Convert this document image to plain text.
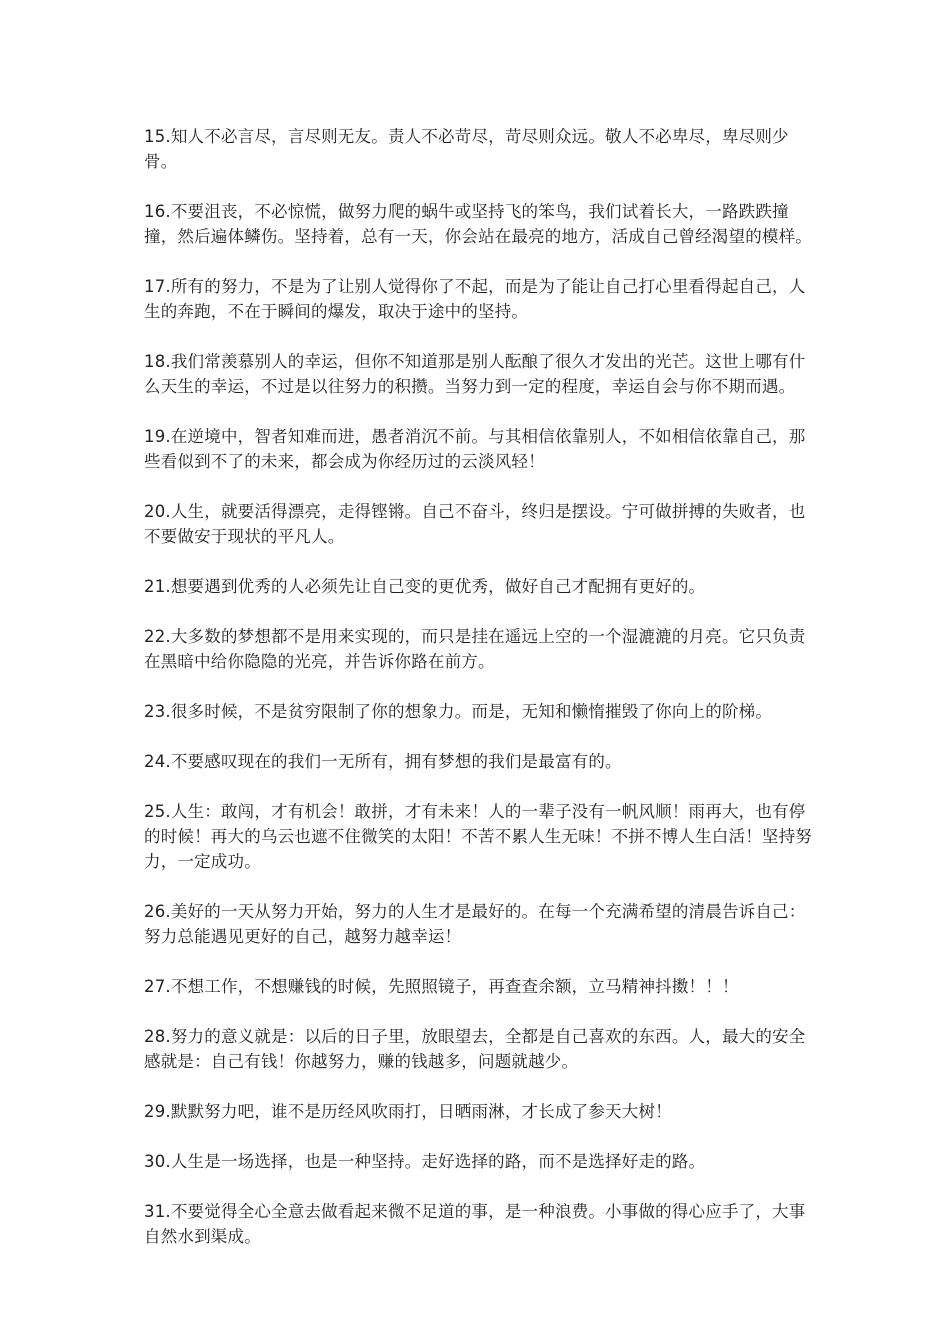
15.知人不必言尽，言尽则无友。责人不必苛尽，苛尽则众远。敬人不必卑尽，卑尽则少骨。

16.不要沮丧，不必惊慌，做努力爬的蜗牛或坚持飞的笨鸟，我们试着长大，一路跌跌撞撞，然后遍体鳞伤。坚持着，总有一天，你会站在最亮的地方，活成自己曾经渴望的模样。

17.所有的努力，不是为了让别人觉得你了不起，而是为了能让自己打心里看得起自己，人生的奔跑，不在于瞬间的爆发，取决于途中的坚持。

18.我们常羡慕别人的幸运，但你不知道那是别人酝酿了很久才发出的光芒。这世上哪有什么天生的幸运，不过是以往努力的积攒。当努力到一定的程度，幸运自会与你不期而遇。

19.在逆境中，智者知难而进，愚者消沉不前。与其相信依靠别人，不如相信依靠自己，那些看似到不了的未来，都会成为你经历过的云淡风轻！

20.人生，就要活得漂亮，走得铿锵。自己不奋斗，终归是摆设。宁可做拼搏的失败者，也不要做安于现状的平凡人。

21.想要遇到优秀的人必须先让自己变的更优秀，做好自己才配拥有更好的。

22.大多数的梦想都不是用来实现的，而只是挂在遥远上空的一个湿漉漉的月亮。它只负责在黑暗中给你隐隐的光亮，并告诉你路在前方。

23.很多时候，不是贫穷限制了你的想象力。而是，无知和懒惰摧毁了你向上的阶梯。

24.不要感叹现在的我们一无所有，拥有梦想的我们是最富有的。

25.人生：敢闯，才有机会！敢拼，才有未来！人的一辈子没有一帆风顺！雨再大，也有停的时候！再大的乌云也遮不住微笑的太阳！不苦不累人生无味！不拼不博人生白活！坚持努力，一定成功。

26.美好的一天从努力开始，努力的人生才是最好的。在每一个充满希望的清晨告诉自己：努力总能遇见更好的自己，越努力越幸运！

27.不想工作，不想赚钱的时候，先照照镜子，再查查余额，立马精神抖擞！！！

28.努力的意义就是：以后的日子里，放眼望去，全都是自己喜欢的东西。人，最大的安全感就是：自己有钱！你越努力，赚的钱越多，问题就越少。

29.默默努力吧，谁不是历经风吹雨打，日晒雨淋，才长成了参天大树！

30.人生是一场选择，也是一种坚持。走好选择的路，而不是选择好走的路。

31.不要觉得全心全意去做看起来微不足道的事，是一种浪费。小事做的得心应手了，大事自然水到渠成。
